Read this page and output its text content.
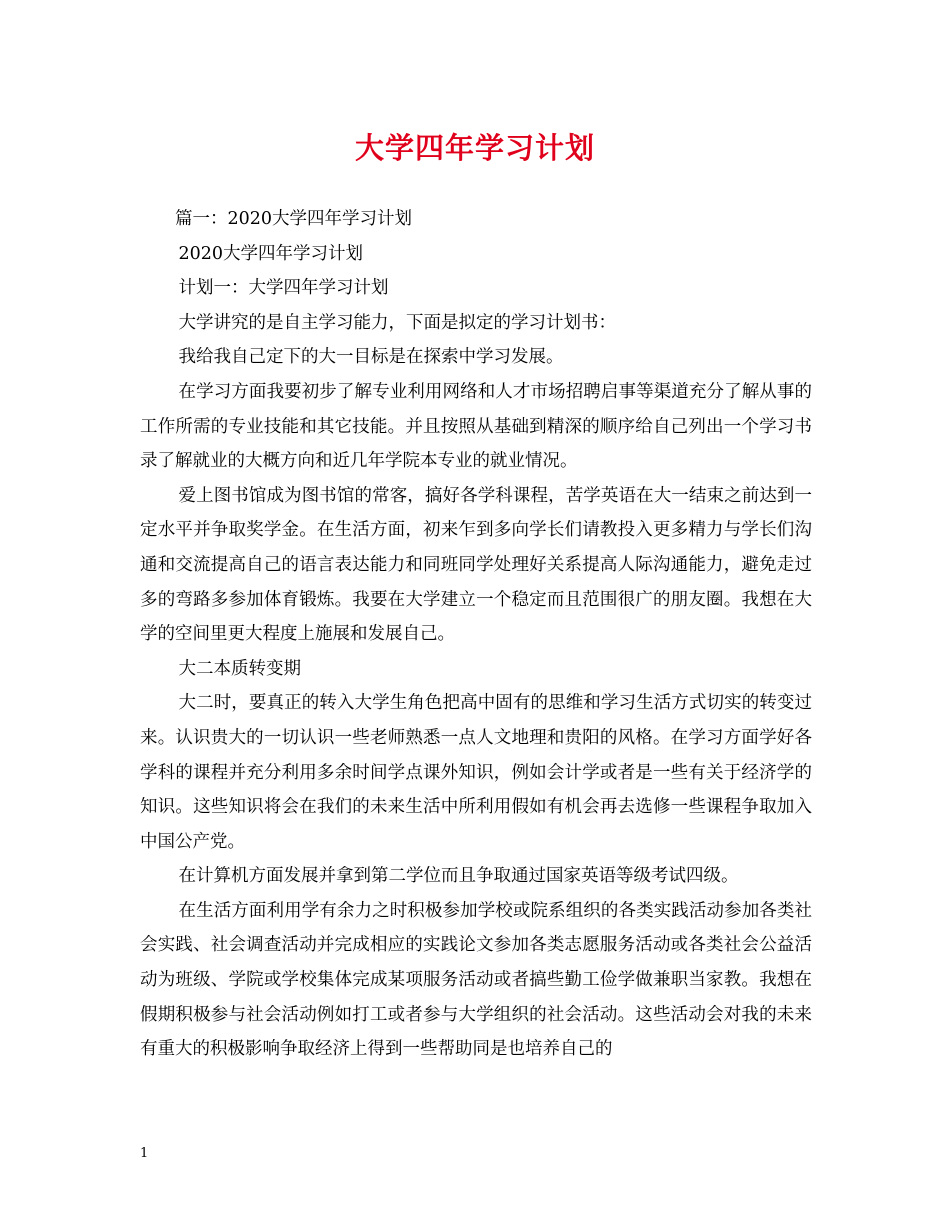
大学四年学习计划

篇一：2020大学四年学习计划

2020大学四年学习计划

计划一：大学四年学习计划

大学讲究的是自主学习能力，下面是拟定的学习计划书：

我给我自己定下的大一目标是在探索中学习发展。

在学习方面我要初步了解专业利用网络和人才市场招聘启事等渠道充分了解从事的工作所需的专业技能和其它技能。并且按照从基础到精深的顺序给自己列出一个学习书录了解就业的大概方向和近几年学院本专业的就业情况。

爱上图书馆成为图书馆的常客，搞好各学科课程，苦学英语在大一结束之前达到一定水平并争取奖学金。在生活方面，初来乍到多向学长们请教投入更多精力与学长们沟通和交流提高自己的语言表达能力和同班同学处理好关系提高人际沟通能力，避免走过多的弯路多参加体育锻炼。我要在大学建立一个稳定而且范围很广的朋友圈。我想在大学的空间里更大程度上施展和发展自己。

大二本质转变期

大二时，要真正的转入大学生角色把高中固有的思维和学习生活方式切实的转变过来。认识贵大的一切认识一些老师熟悉一点人文地理和贵阳的风格。在学习方面学好各学科的课程并充分利用多余时间学点课外知识，例如会计学或者是一些有关于经济学的知识。这些知识将会在我们的未来生活中所利用假如有机会再去选修一些课程争取加入中国公产党。

在计算机方面发展并拿到第二学位而且争取通过国家英语等级考试四级。

在生活方面利用学有余力之时积极参加学校或院系组织的各类实践活动参加各类社会实践、社会调查活动并完成相应的实践论文参加各类志愿服务活动或各类社会公益活动为班级、学院或学校集体完成某项服务活动或者搞些勤工俭学做兼职当家教。我想在假期积极参与社会活动例如打工或者参与大学组织的社会活动。这些活动会对我的未来有重大的积极影响争取经济上得到一些帮助同是也培养自己的

1
